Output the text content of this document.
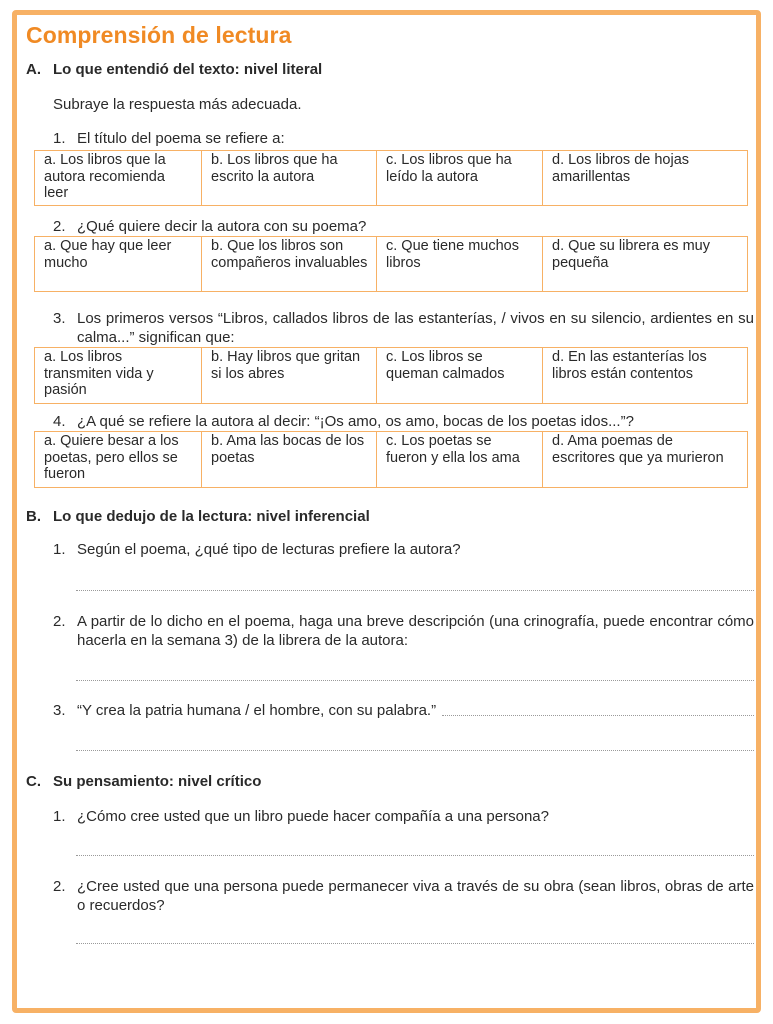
Comprensión de lectura
A. Lo que entendió del texto: nivel literal
Subraye la respuesta más adecuada.
1. El título del poema se refiere a:
a. Los libros que la autora recomienda leer	b. Los libros que ha escrito la autora	c. Los libros que ha leído la autora	d. Los libros de hojas amarillentas
2. ¿Qué quiere decir la autora con su poema?
a. Que hay que leer mucho	b. Que los libros son compañeros invaluables	c. Que tiene muchos libros	d. Que su librera es muy pequeña
3. Los primeros versos “Libros, callados libros de las estanterías, / vivos en su silencio, ardientes en su calma...” significan que:
a. Los libros transmiten vida y pasión	b. Hay libros que gritan si los abres	c. Los libros se queman calmados	d. En las estanterías los libros están contentos
4. ¿A qué se refiere la autora al decir: “¡Os amo, os amo, bocas de los poetas idos...”?
a. Quiere besar a los poetas, pero ellos se fueron	b. Ama las bocas de los poetas	c. Los poetas se fueron y ella los ama	d. Ama poemas de escritores que ya murieron
B. Lo que dedujo de la lectura: nivel inferencial
1. Según el poema, ¿qué tipo de lecturas prefiere la autora?
2. A partir de lo dicho en el poema, haga una breve descripción (una crinografía, puede encontrar cómo hacerla en la semana 3) de la librera de la autora:
3. “Y crea la patria humana / el hombre, con su palabra.”
C. Su pensamiento: nivel crítico
1. ¿Cómo cree usted que un libro puede hacer compañía a una persona?
2. ¿Cree usted que una persona puede permanecer viva a través de su obra (sean libros, obras de arte o recuerdos?
